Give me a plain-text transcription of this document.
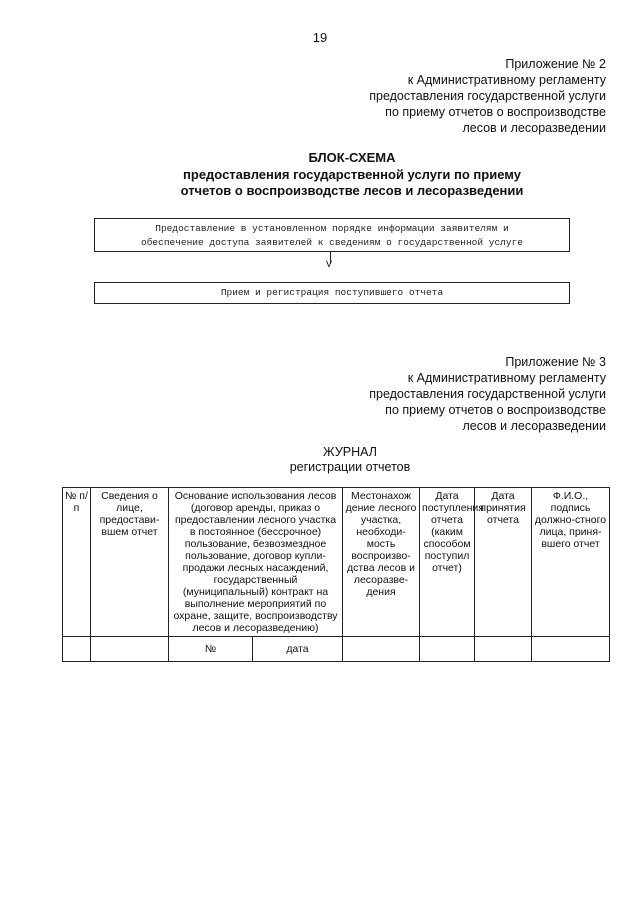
19
Приложение № 2
к Административному регламенту
предоставления государственной услуги
по приему отчетов о воспроизводстве
лесов и лесоразведении
БЛОК-СХЕМА
предоставления государственной услуги по приему
отчетов о воспроизводстве лесов и лесоразведении
Предоставление в установленном порядке информации заявителям и
обеспечение доступа заявителей к сведениям о государственной услуге
V
Прием и регистрация поступившего отчета
Приложение № 3
к Административному регламенту
предоставления государственной услуги
по приему отчетов о воспроизводстве
лесов и лесоразведении
ЖУРНАЛ
регистрации отчетов
№ п/п	Сведения о лице, предостави-вшем отчет	Основание использования лесов (договор аренды, приказ о предоставлении лесного участка в постоянное (бессрочное) пользование, безвозмездное пользование, договор купли-продажи лесных насаждений, государственный (муниципальный) контракт на выполнение мероприятий по охране, защите, воспроизводству лесов и лесоразведению)		Местонахож дение лесного участка, необходи-мость воспроизво-дства лесов и лесоразве-дения	Дата поступления отчета (каким способом поступил отчет)	Дата принятия отчета	Ф.И.О., подпись должно-стного лица, приня-вшего отчет
		№	дата				
